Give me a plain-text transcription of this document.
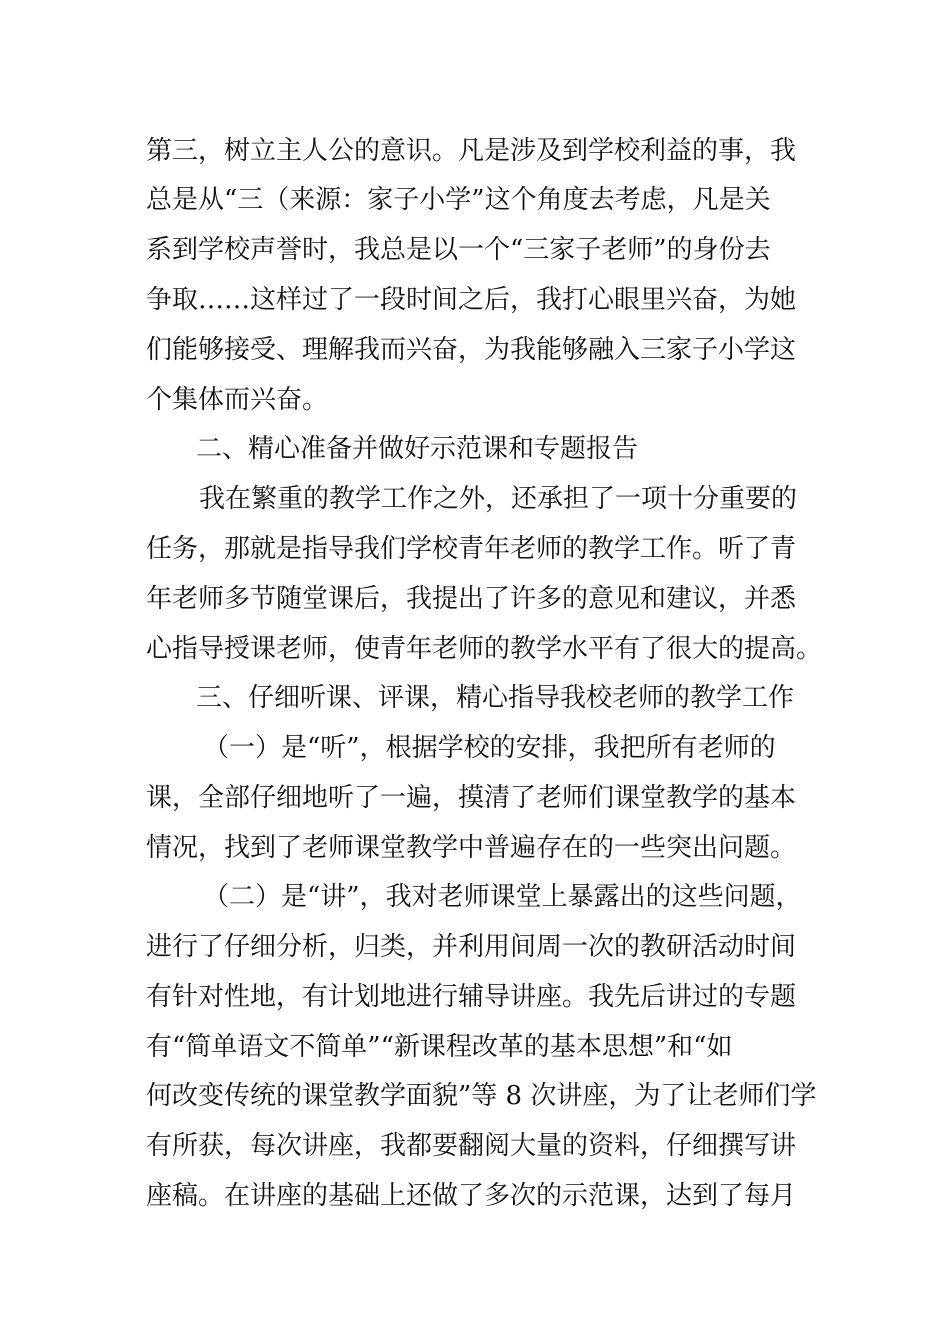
第三，树立主人公的意识。凡是涉及到学校利益的事，我
总是从“三（来源：家子小学”这个角度去考虑，凡是关
系到学校声誉时，我总是以一个“三家子老师”的身份去
争取……这样过了一段时间之后，我打心眼里兴奋，为她
们能够接受、理解我而兴奋，为我能够融入三家子小学这
个集体而兴奋。
二、精心准备并做好示范课和专题报告
我在繁重的教学工作之外，还承担了一项十分重要的
任务，那就是指导我们学校青年老师的教学工作。听了青
年老师多节随堂课后，我提出了许多的意见和建议，并悉
心指导授课老师，使青年老师的教学水平有了很大的提高。
三、仔细听课、评课，精心指导我校老师的教学工作
（一）是“听”，根据学校的安排，我把所有老师的
课，全部仔细地听了一遍，摸清了老师们课堂教学的基本
情况，找到了老师课堂教学中普遍存在的一些突出问题。
（二）是“讲”，我对老师课堂上暴露出的这些问题，
进行了仔细分析，归类，并利用间周一次的教研活动时间
有针对性地，有计划地进行辅导讲座。我先后讲过的专题
有“简单语文不简单”“新课程改革的基本思想”和“如
何改变传统的课堂教学面貌”等 8 次讲座，为了让老师们学
有所获，每次讲座，我都要翻阅大量的资料，仔细撰写讲
座稿。在讲座的基础上还做了多次的示范课，达到了每月
